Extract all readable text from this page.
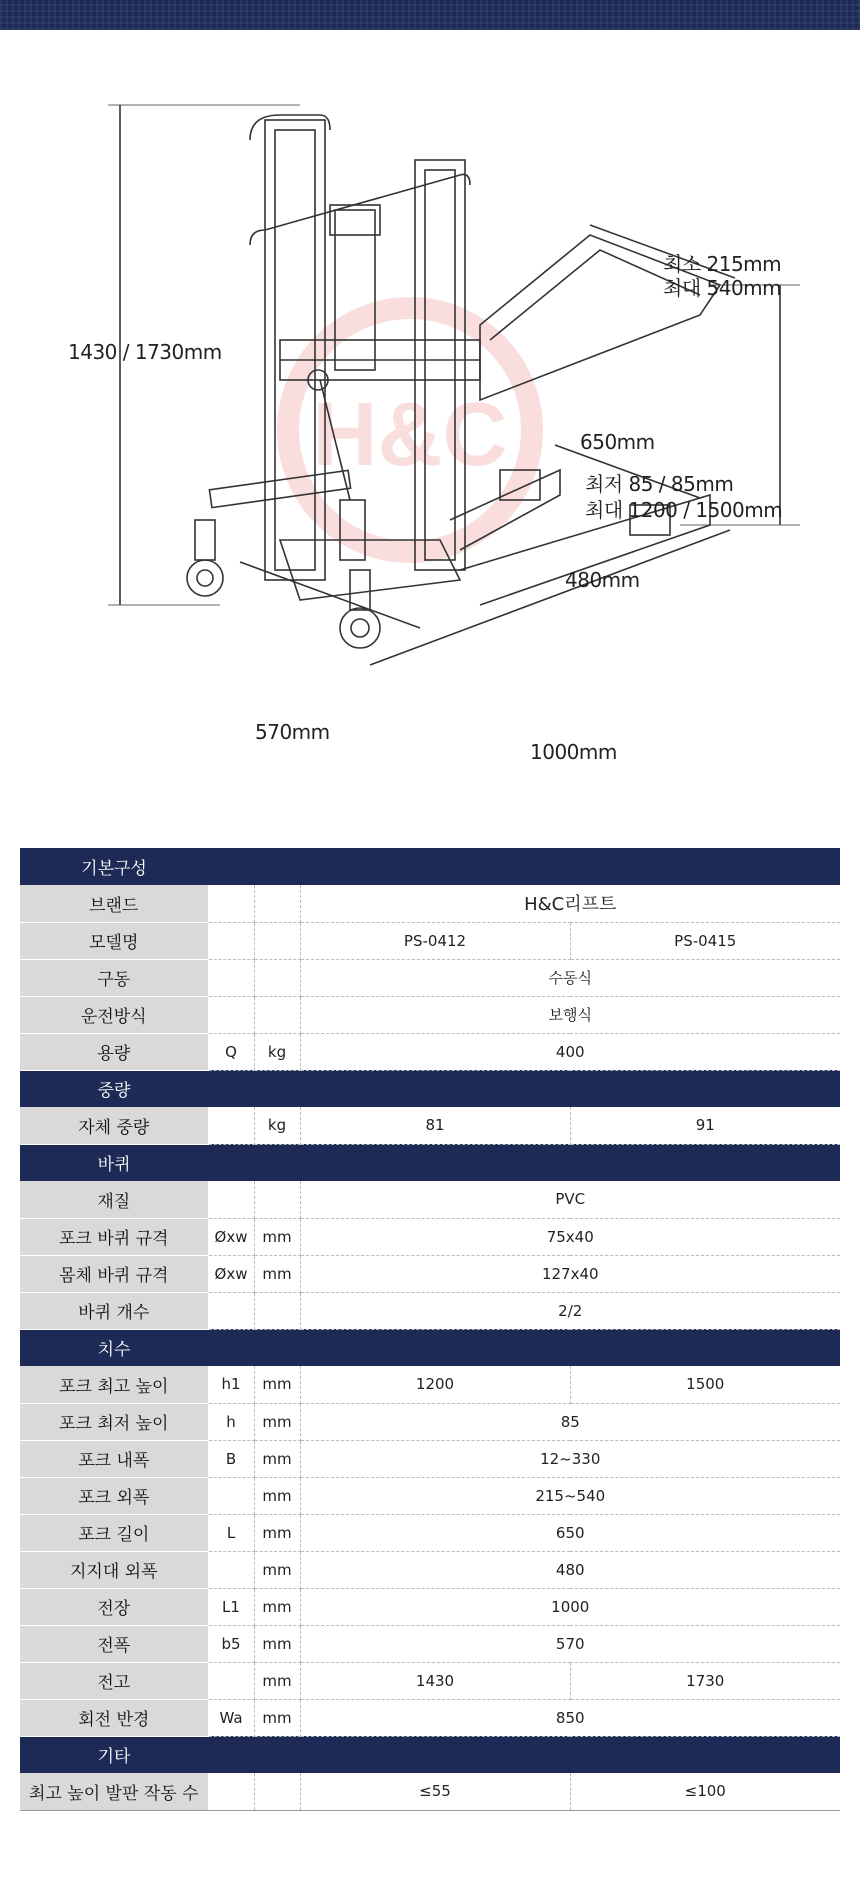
H&C
1430 / 1730mm
최소 215mm
최대 540mm
650mm
최저 85 / 85mm
최대 1200 / 1500mm
480mm
570mm
1000mm
기본구성				
브랜드			H&C리프트	
모델명			PS-0412	PS-0415
구동			수동식	
운전방식			보행식	
용량	Q	kg	400	
중량				
자체 중량		kg	81	91
바퀴				
재질			PVC	
포크 바퀴 규격	Øxw	mm	75x40	
몸체 바퀴 규격	Øxw	mm	127x40	
바퀴 개수			2/2	
치수				
포크 최고 높이	h1	mm	1200	1500
포크 최저 높이	h	mm	85	
포크 내폭	B	mm	12~330	
포크 외폭		mm	215~540	
포크 길이	L	mm	650	
지지대 외폭		mm	480	
전장	L1	mm	1000	
전폭	b5	mm	570	
전고		mm	1430	1730
회전 반경	Wa	mm	850	
기타				
최고 높이 발판 작동 수			≤55	≤100
